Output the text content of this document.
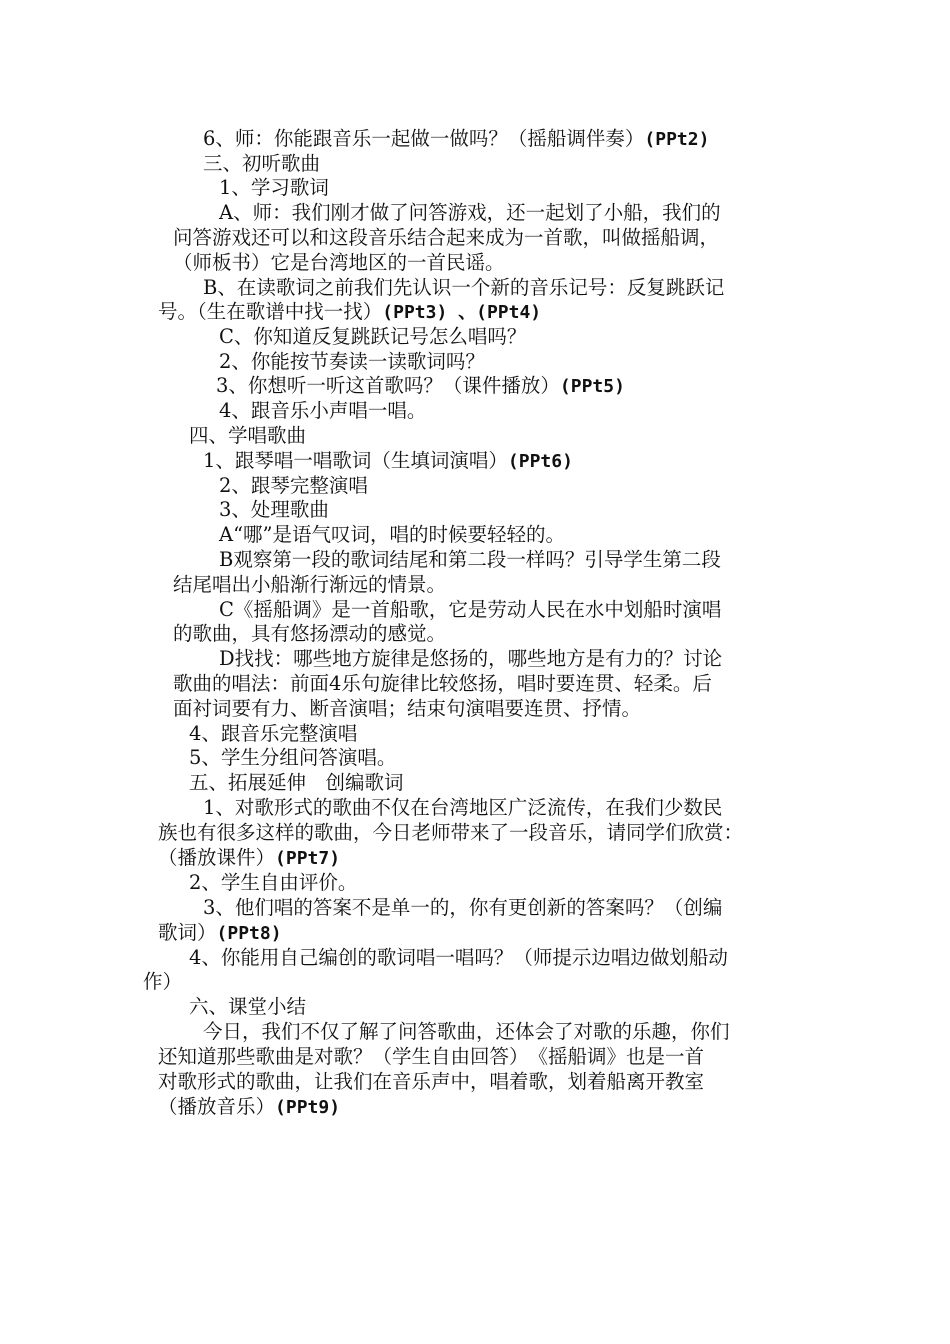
6、师：你能跟音乐一起做一做吗？（摇船调伴奏）(PPt2)
三、初听歌曲
1、学习歌词
A、师：我们刚才做了问答游戏，还一起划了小船，我们的
问答游戏还可以和这段音乐结合起来成为一首歌，叫做摇船调，
（师板书）它是台湾地区的一首民谣。
B、在读歌词之前我们先认识一个新的音乐记号：反复跳跃记
号。（生在歌谱中找一找）(PPt3) 、(PPt4)
C、你知道反复跳跃记号怎么唱吗？
2、你能按节奏读一读歌词吗？
3、你想听一听这首歌吗？（课件播放）(PPt5)
4、跟音乐小声唱一唱。
四、学唱歌曲
1、跟琴唱一唱歌词（生填词演唱）(PPt6)
2、跟琴完整演唱
3、处理歌曲
A“哪”是语气叹词，唱的时候要轻轻的。
B观察第一段的歌词结尾和第二段一样吗？引导学生第二段
结尾唱出小船渐行渐远的情景。
C《摇船调》是一首船歌，它是劳动人民在水中划船时演唱
的歌曲，具有悠扬漂动的感觉。
D找找：哪些地方旋律是悠扬的，哪些地方是有力的？讨论
歌曲的唱法：前面4乐句旋律比较悠扬，唱时要连贯、轻柔。后
面衬词要有力、断音演唱；结束句演唱要连贯、抒情。
4、跟音乐完整演唱
5、学生分组问答演唱。
五、拓展延伸　创编歌词
1、对歌形式的歌曲不仅在台湾地区广泛流传，在我们少数民
族也有很多这样的歌曲，今日老师带来了一段音乐，请同学们欣赏：
（播放课件）(PPt7)
2、学生自由评价。
3、他们唱的答案不是单一的，你有更创新的答案吗？（创编
歌词）(PPt8)
4、你能用自己编创的歌词唱一唱吗？（师提示边唱边做划船动
作）
六、课堂小结
今日，我们不仅了解了问答歌曲，还体会了对歌的乐趣，你们
还知道那些歌曲是对歌？（学生自由回答）　《摇船调》也是一首
对歌形式的歌曲，让我们在音乐声中，唱着歌，划着船离开教室
（播放音乐）(PPt9)
